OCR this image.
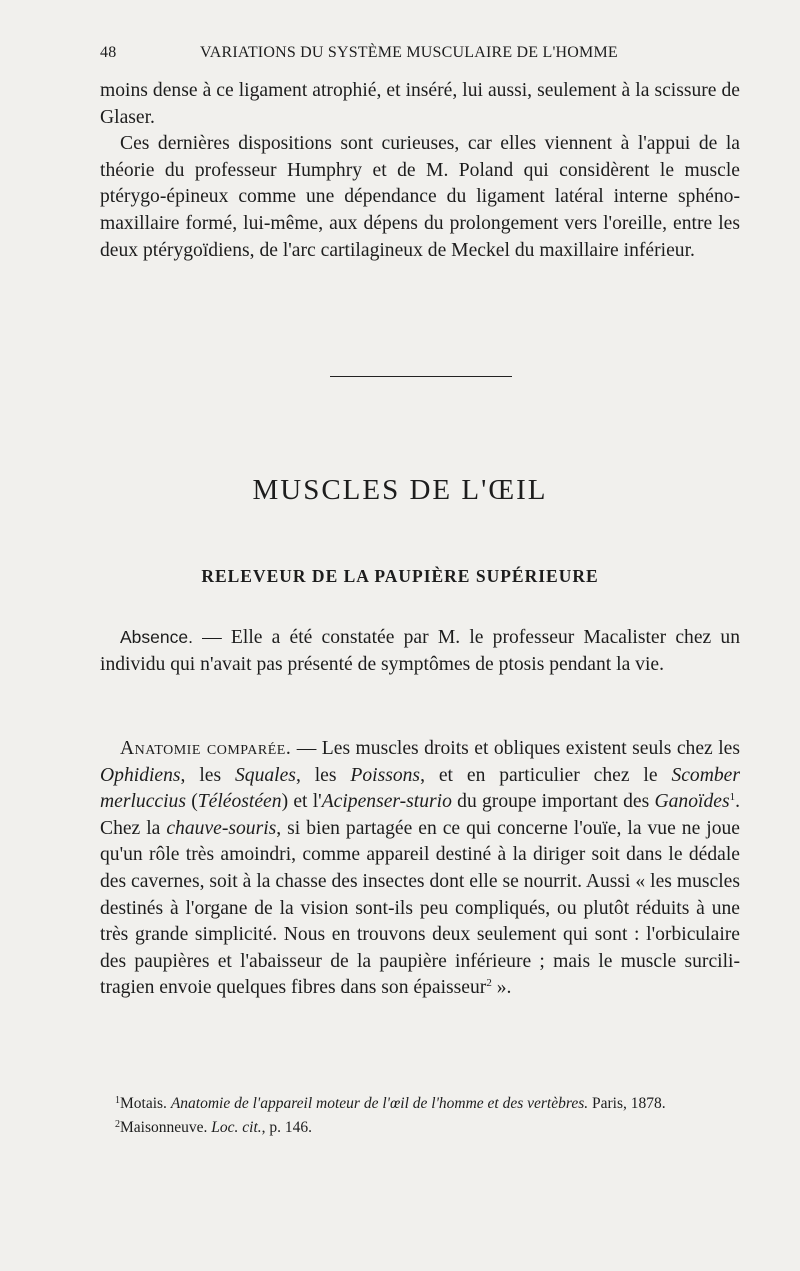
48	VARIATIONS DU SYSTÈME MUSCULAIRE DE L'HOMME

moins dense à ce ligament atrophié, et inséré, lui aussi, seulement à la scissure de Glaser.

Ces dernières dispositions sont curieuses, car elles viennent à l'appui de la théorie du professeur Humphry et de M. Poland qui considèrent le muscle ptérygo-épineux comme une dépendance du ligament latéral interne sphéno-maxillaire formé, lui-même, aux dépens du prolongement vers l'oreille, entre les deux ptérygoïdiens, de l'arc cartilagineux de Meckel du maxillaire inférieur.

MUSCLES DE L'ŒIL
RELEVEUR DE LA PAUPIÈRE SUPÉRIEURE

Absence. — Elle a été constatée par M. le professeur Macalister chez un individu qui n'avait pas présenté de symptômes de ptosis pendant la vie.

Anatomie comparée. — Les muscles droits et obliques existent seuls chez les Ophidiens, les Squales, les Poissons, et en particulier chez le Scomber merluccius (Téléostéen) et l'Acipenser-sturio du groupe important des Ganoïdes$^1$. Chez la chauve-souris, si bien partagée en ce qui concerne l'ouïe, la vue ne joue qu'un rôle très amoindri, comme appareil destiné à la diriger soit dans le dédale des cavernes, soit à la chasse des insectes dont elle se nourrit. Aussi « les muscles destinés à l'organe de la vision sont-ils peu compliqués, ou plutôt réduits à une très grande simplicité. Nous en trouvons deux seulement qui sont : l'orbiculaire des paupières et l'abaisseur de la paupière inférieure ; mais le muscle surcili-tragien envoie quelques fibres dans son épaisseur$^2$ ».

$^1$Motais. Anatomie de l'appareil moteur de l'œil de l'homme et des vertèbres. Paris, 1878.

$^2$Maisonneuve. Loc. cit., p. 146.
